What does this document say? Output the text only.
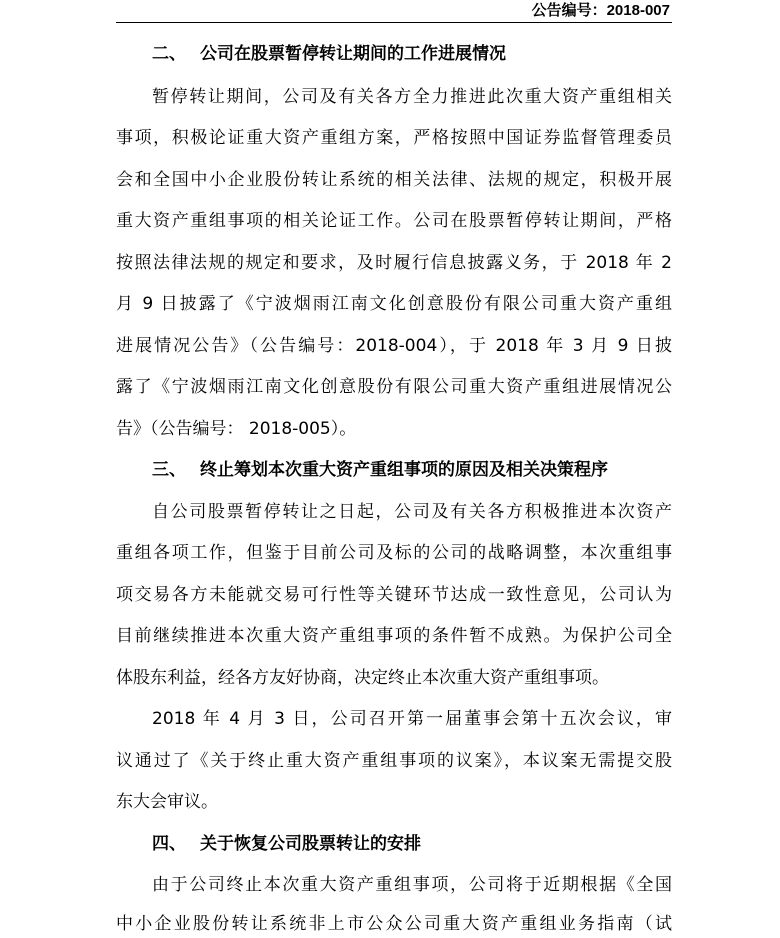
公告编号：2018-007
二、 公司在股票暂停转让期间的工作进展情况
暂停转让期间，公司及有关各方全力推进此次重大资产重组相关
事项，积极论证重大资产重组方案，严格按照中国证券监督管理委员
会和全国中小企业股份转让系统的相关法律、法规的规定，积极开展
重大资产重组事项的相关论证工作。公司在股票暂停转让期间，严格
按照法律法规的规定和要求，及时履行信息披露义务，于 2018 年 2
月 9 日披露了《宁波烟雨江南文化创意股份有限公司重大资产重组
进展情况公告》（公告编号：2018-004），于 2018 年 3 月 9 日披
露了《宁波烟雨江南文化创意股份有限公司重大资产重组进展情况公
告》（公告编号： 2018-005）。
三、 终止筹划本次重大资产重组事项的原因及相关决策程序
自公司股票暂停转让之日起，公司及有关各方积极推进本次资产
重组各项工作，但鉴于目前公司及标的公司的战略调整，本次重组事
项交易各方未能就交易可行性等关键环节达成一致性意见，公司认为
目前继续推进本次重大资产重组事项的条件暂不成熟。为保护公司全
体股东利益，经各方友好协商，决定终止本次重大资产重组事项。
2018 年 4 月 3 日，公司召开第一届董事会第十五次会议，审
议通过了《关于终止重大资产重组事项的议案》，本议案无需提交股
东大会审议。
四、 关于恢复公司股票转让的安排
由于公司终止本次重大资产重组事项，公司将于近期根据《全国
中小企业股份转让系统非上市公众公司重大资产重组业务指南（试
